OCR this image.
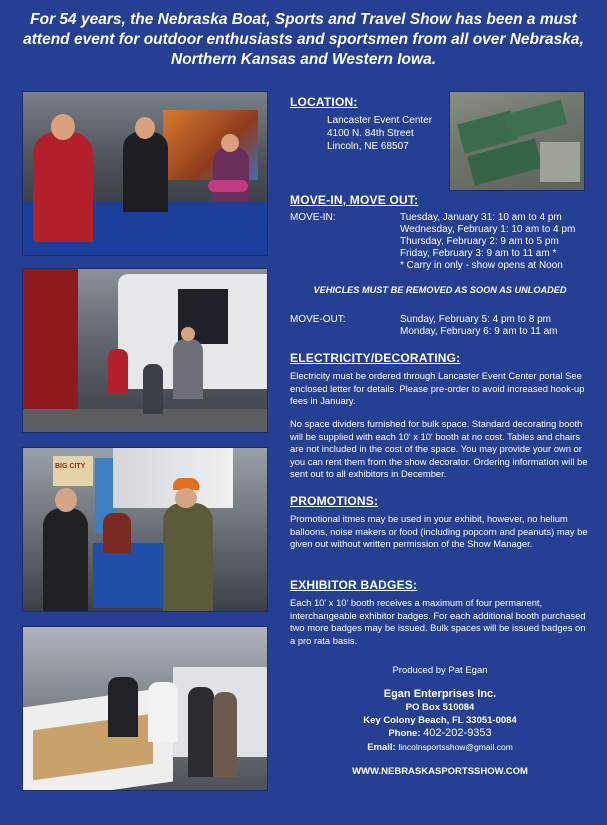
For 54 years, the Nebraska Boat, Sports and Travel Show has been a must attend event for outdoor enthusiasts and sportsmen from all over Nebraska, Northern Kansas and Western Iowa.
BIG CITY
LOCATION:
Lancaster Event Center
4100 N. 84th Street
Lincoln, NE 68507
MOVE-IN, MOVE OUT:
MOVE-IN:	Tuesday, January 31: 10 am to 4 pm
Wednesday, February 1: 10 am to 4 pm
Thursday, February 2: 9 am to 5 pm
Friday, February 3: 9 am to 11 am *
* Carry in only - show opens at Noon
VEHICLES MUST BE REMOVED AS SOON AS UNLOADED
MOVE-OUT:	Sunday, February 5: 4 pm to 8 pm
Monday, February 6: 9 am to 11 am
ELECTRICITY/DECORATING:
Electricity must be ordered through Lancaster Event Center portal See enclosed letter for details. Please pre-order to avoid increased hook-up fees in January.
No space dividers furnished for bulk space. Standard decorating booth will be supplied with each 10' x 10' booth at no cost. Tables and chairs are not included in the cost of the space. You may provide your own or you can rent them from the show decorator. Ordering information will be sent out to all exhibitors in December.
PROMOTIONS:
Promotional itmes may be used in your exhibit, however, no helium balloons, noise makers or food (including popcorn and peanuts) may be given out without written permission of the Show Manager.
EXHIBITOR BADGES:
Each 10' x 10' booth receives a maximum of four permanent, interchangeable exhibitor badges. For each additional booth purchased two more badges may be issued. Bulk spaces will be issued badges on a pro rata basis.
Produced by Pat Egan
Egan Enterprises Inc.
PO Box 510084
Key Colony Beach, FL 33051-0084
Phone: 402-202-9353
Email: lincolnsportsshow@gmail.com
WWW.NEBRASKASPORTSSHOW.COM
